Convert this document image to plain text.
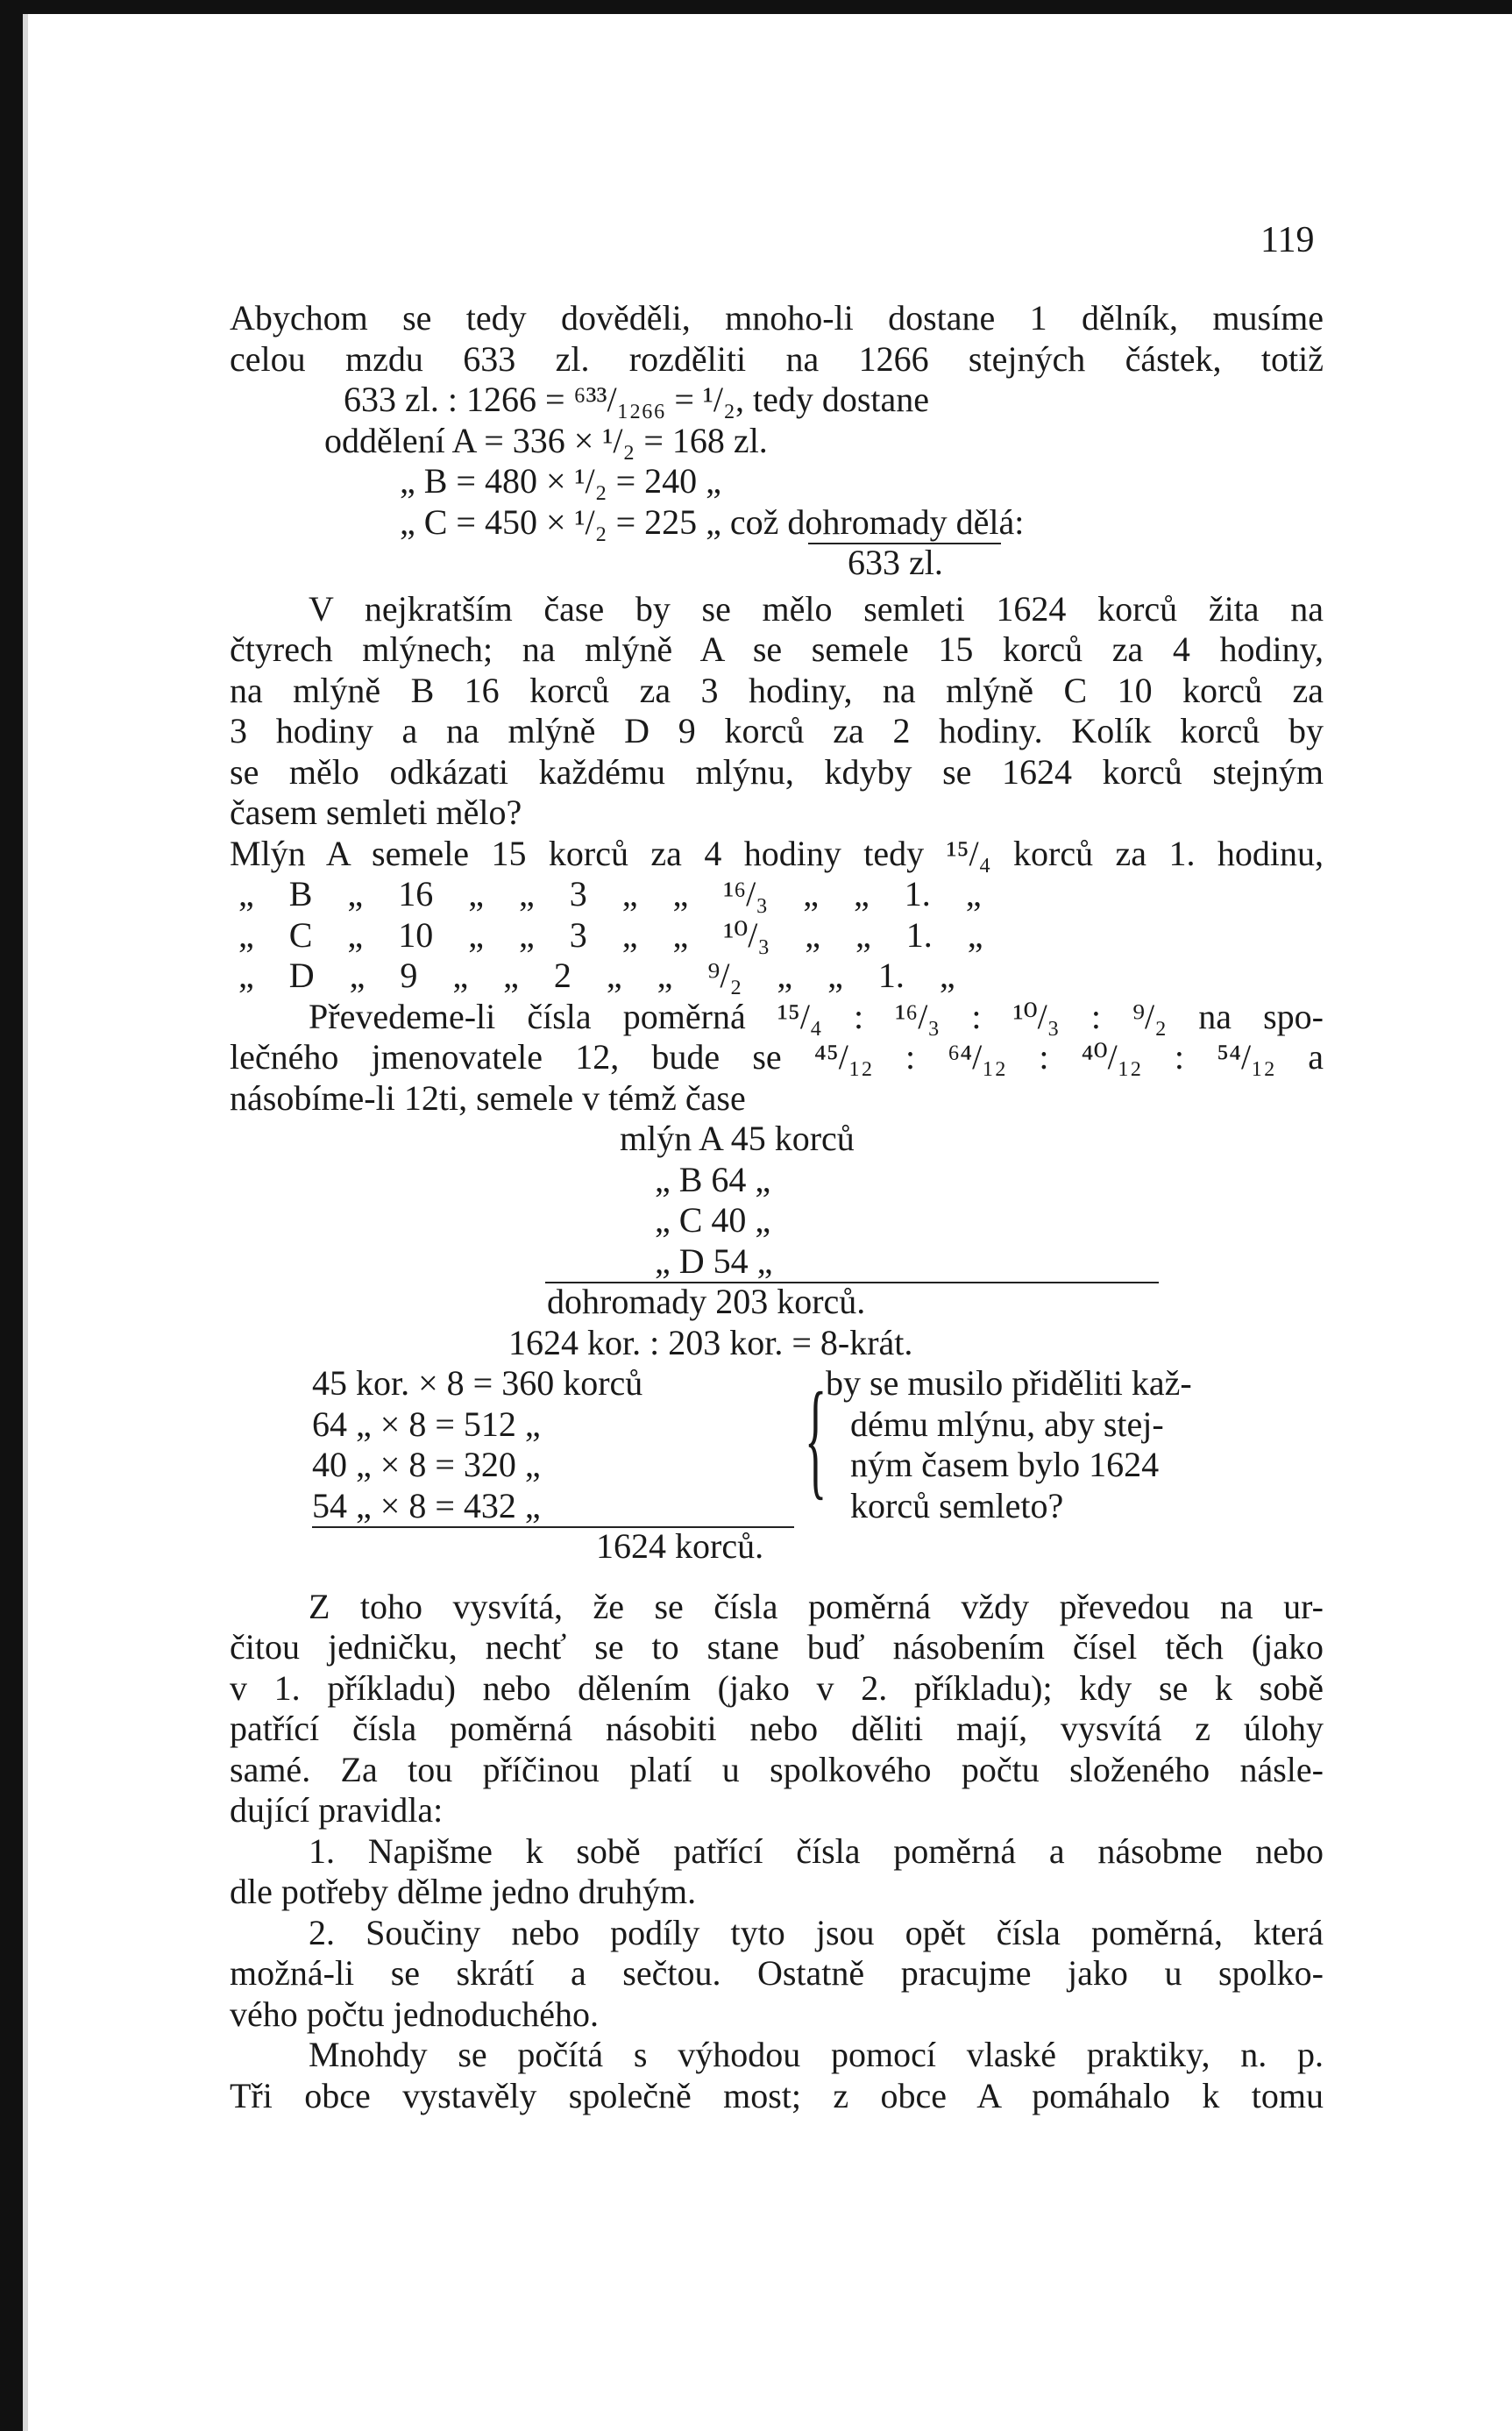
119
Abychom se tedy dověděli, mnoho-li dostane 1 dělník, musíme
celou mzdu 633 zl. rozděliti na 1266 stejných částek, totiž
633 zl. : 1266 = ⁶³³/₁₂₆₆ = ¹/₂, tedy dostane
oddělení A = 336 × ¹/₂ = 168 zl.
„ B = 480 × ¹/₂ = 240 „
„ C = 450 × ¹/₂ = 225 „ což dohromady dělá:
633 zl.
V nejkratším čase by se mělo semleti 1624 korců žita na
čtyrech mlýnech; na mlýně A se semele 15 korců za 4 hodiny,
na mlýně B 16 korců za 3 hodiny, na mlýně C 10 korců za
3 hodiny a na mlýně D 9 korců za 2 hodiny. Kolík korců by
se mělo odkázati každému mlýnu, kdyby se 1624 korců stejným
časem semleti mělo?
Mlýn A semele 15 korců za 4 hodiny tedy ¹⁵/₄ korců za 1. hodinu,
„ B „ 16 „ „ 3 „ „ ¹⁶/₃ „ „ 1. „
„ C „ 10 „ „ 3 „ „ ¹⁰/₃ „ „ 1. „
„ D „ 9 „ „ 2 „ „ ⁹/₂ „ „ 1. „
Převedeme-li čísla poměrná ¹⁵/₄ : ¹⁶/₃ : ¹⁰/₃ : ⁹/₂ na spo-
lečného jmenovatele 12, bude se ⁴⁵/₁₂ : ⁶⁴/₁₂ : ⁴⁰/₁₂ : ⁵⁴/₁₂ a
násobíme-li 12ti, semele v témž čase
mlýn A 45 korců
„ B 64 „
„ C 40 „
„ D 54 „
dohromady 203 korců.
1624 kor. : 203 kor. = 8-krát.
45 kor. × 8 = 360 korců
64 „ × 8 = 512 „
40 „ × 8 = 320 „
54 „ × 8 = 432 „ {
by se musilo přiděliti kaž-
dému mlýnu, aby stej-
ným časem bylo 1624
korců semleto?
1624 korců.
Z toho vysvítá, že se čísla poměrná vždy převedou na ur-
čitou jedničku, nechť se to stane buď násobením čísel těch (jako
v 1. příkladu) nebo dělením (jako v 2. příkladu); kdy se k sobě
patřící čísla poměrná násobiti nebo děliti mají, vysvítá z úlohy
samé. Za tou příčinou platí u spolkového počtu složeného násle-
dující pravidla:
1. Napišme k sobě patřící čísla poměrná a násobme nebo
dle potřeby dělme jedno druhým.
2. Součiny nebo podíly tyto jsou opět čísla poměrná, která
možná-li se skrátí a sečtou. Ostatně pracujme jako u spolko-
vého počtu jednoduchého.
Mnohdy se počítá s výhodou pomocí vlaské praktiky, n. p.
Tři obce vystavěly společně most; z obce A pomáhalo k tomu
